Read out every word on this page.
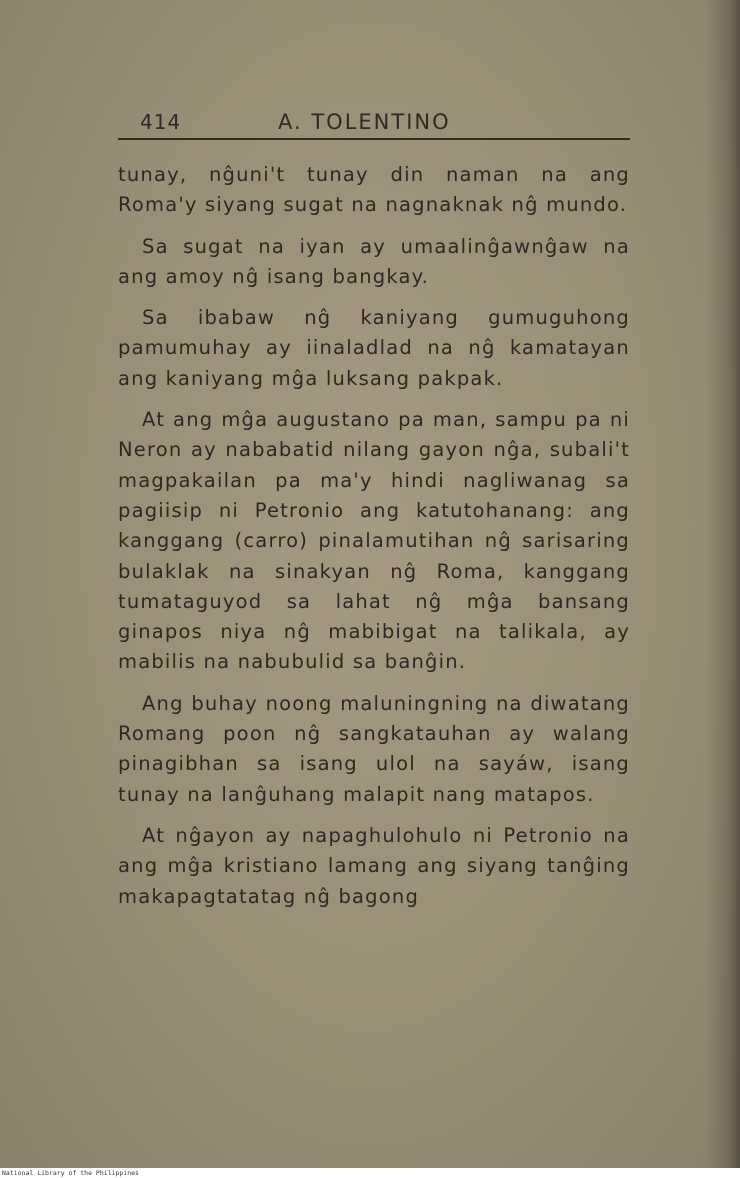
414	A. TOLENTINO

tunay, nĝuni't tunay din naman na ang Roma'y siyang sugat na nagnaknak nĝ mundo.

Sa sugat na iyan ay umaalinĝawnĝaw na ang amoy nĝ isang bangkay.

Sa ibabaw nĝ kaniyang gumuguhong pamumuhay ay iinaladlad na nĝ kamatayan ang kaniyang mĝa luksang pakpak.

At ang mĝa augustano pa man, sampu pa ni Neron ay nababatid nilang gayon nĝa, subali't magpakailan pa ma'y hindi nagliwanag sa pagiisip ni Petronio ang katutohanang: ang kanggang (carro) pinalamutihan nĝ sarisaring bulaklak na sinakyan nĝ Roma, kanggang tumataguyod sa lahat nĝ mĝa bansang ginapos niya nĝ mabibigat na talikala, ay mabilis na nabubulid sa banĝin.

Ang buhay noong maluningning na diwatang Romang poon nĝ sangkatauhan ay walang pinagibhan sa isang ulol na sayáw, isang tunay na lanĝuhang malapit nang matapos.

At nĝayon ay napaghulohulo ni Petronio na ang mĝa kristiano lamang ang siyang tanĝing makapagtatatag nĝ bagong

National Library of the Philippines
